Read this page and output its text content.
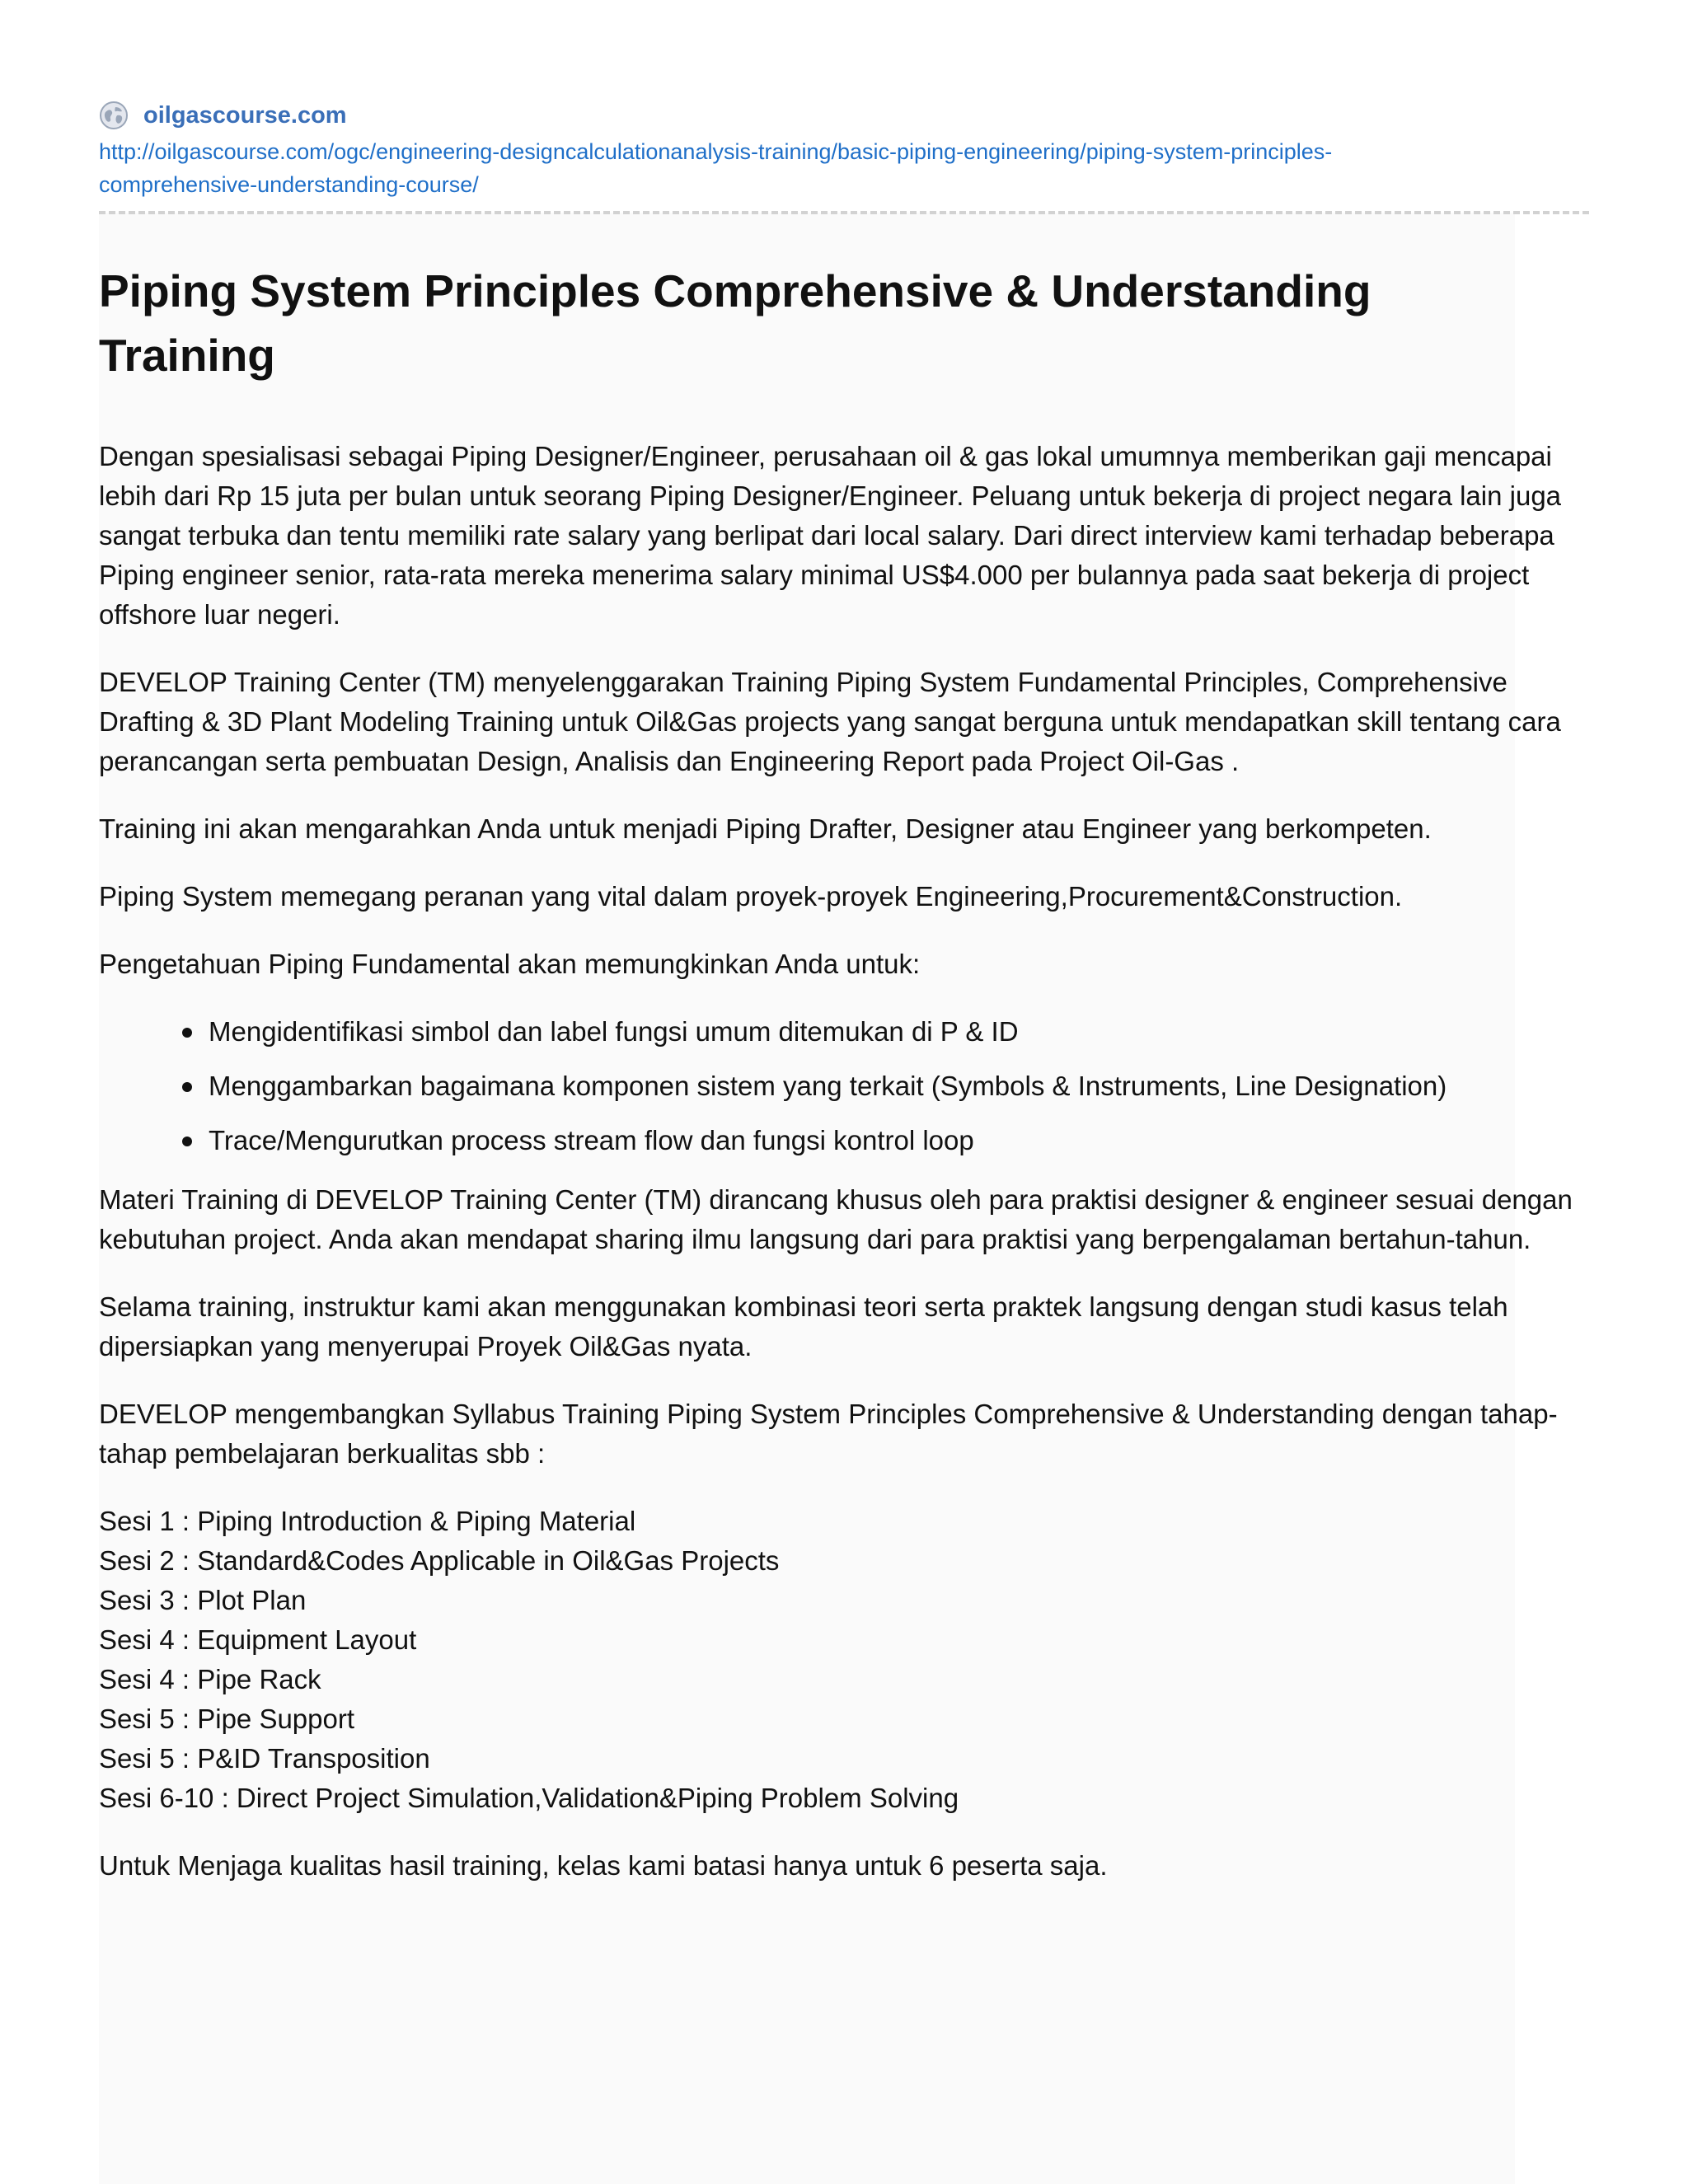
oilgascourse.com
http://oilgascourse.com/ogc/engineering-designcalculationanalysis-training/basic-piping-engineering/piping-system-principles-
comprehensive-understanding-course/
Piping System Principles Comprehensive & Understanding Training

Dengan spesialisasi sebagai Piping Designer/Engineer, perusahaan oil & gas lokal umumnya memberikan gaji mencapai lebih dari Rp 15 juta per bulan untuk seorang Piping Designer/Engineer. Peluang untuk bekerja di project negara lain juga sangat terbuka dan tentu memiliki rate salary yang berlipat dari local salary. Dari direct interview kami terhadap beberapa Piping engineer senior, rata-rata mereka menerima salary minimal US$4.000 per bulannya pada saat bekerja di project offshore luar negeri.

DEVELOP Training Center (TM) menyelenggarakan Training Piping System Fundamental Principles, Comprehensive Drafting & 3D Plant Modeling Training untuk Oil&Gas projects yang sangat berguna untuk mendapatkan skill tentang cara perancangan serta pembuatan Design, Analisis dan Engineering Report pada Project Oil-Gas .

Training ini akan mengarahkan Anda untuk menjadi Piping Drafter, Designer atau Engineer yang berkompeten.

Piping System memegang peranan yang vital dalam proyek-proyek Engineering,Procurement&Construction.

Pengetahuan Piping Fundamental akan memungkinkan Anda untuk:

Mengidentifikasi simbol dan label fungsi umum ditemukan di P & ID
Menggambarkan bagaimana komponen sistem yang terkait (Symbols & Instruments, Line Designation)
Trace/Mengurutkan process stream flow dan fungsi kontrol loop

Materi Training di DEVELOP Training Center (TM) dirancang khusus oleh para praktisi designer & engineer sesuai dengan kebutuhan project. Anda akan mendapat sharing ilmu langsung dari para praktisi yang berpengalaman bertahun-tahun.

Selama training, instruktur kami akan menggunakan kombinasi teori serta praktek langsung dengan studi kasus telah dipersiapkan yang menyerupai Proyek Oil&Gas nyata.

DEVELOP mengembangkan Syllabus Training Piping System Principles Comprehensive & Understanding dengan tahap-tahap pembelajaran berkualitas sbb :

Sesi 1 : Piping Introduction & Piping Material
Sesi 2 : Standard&Codes Applicable in Oil&Gas Projects
Sesi 3 : Plot Plan
Sesi 4 : Equipment Layout
Sesi 4 : Pipe Rack
Sesi 5 : Pipe Support
Sesi 5 : P&ID Transposition
Sesi 6-10 : Direct Project Simulation,Validation&Piping Problem Solving

Untuk Menjaga kualitas hasil training, kelas kami batasi hanya untuk 6 peserta saja.
